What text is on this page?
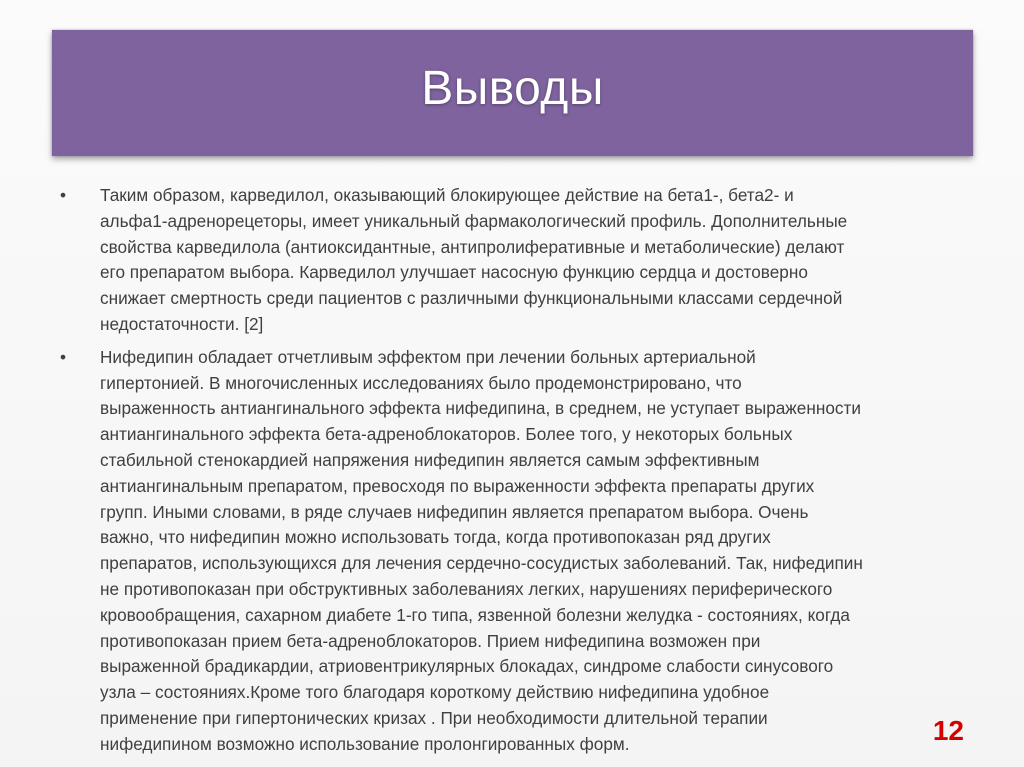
Выводы
•	Таким образом, карведилол, оказывающий блокирующее действие на бета1-, бета2- и
альфа1-адренорецеторы, имеет уникальный фармакологический профиль. Дополнительные
свойства карведилола (антиоксидантные, антипролиферативные и метаболические) делают
его препаратом выбора. Карведилол улучшает насосную функцию сердца и достоверно
снижает смертность среди пациентов с различными функциональными классами сердечной
недостаточности. [2]
•	Нифедипин обладает отчетливым эффектом при лечении больных артериальной
гипертонией. В многочисленных исследованиях было продемонстрировано, что
выраженность антиангинального эффекта нифедипина, в среднем, не уступает выраженности
антиангинального эффекта бета-адреноблокаторов. Более того, у некоторых больных
стабильной стенокардией напряжения нифедипин является самым эффективным
антиангинальным препаратом, превосходя по выраженности эффекта препараты других
групп. Иными словами, в ряде случаев нифедипин является препаратом выбора. Очень
важно, что нифедипин можно использовать тогда, когда противопоказан ряд других
препаратов, использующихся для лечения сердечно-сосудистых заболеваний. Так, нифедипин
не противопоказан при обструктивных заболеваниях легких, нарушениях периферического
кровообращения, сахарном диабете 1-го типа, язвенной болезни желудка - состояниях, когда
противопоказан прием бета-адреноблокаторов. Прием нифедипина возможен при
выраженной брадикардии, атриовентрикулярных блокадах, синдроме слабости синусового
узла – состояниях.Кроме того благодаря короткому действию нифедипина удобное
применение при гипертонических кризах . При необходимости длительной терапии
нифедипином возможно использование пролонгированных форм.	12
